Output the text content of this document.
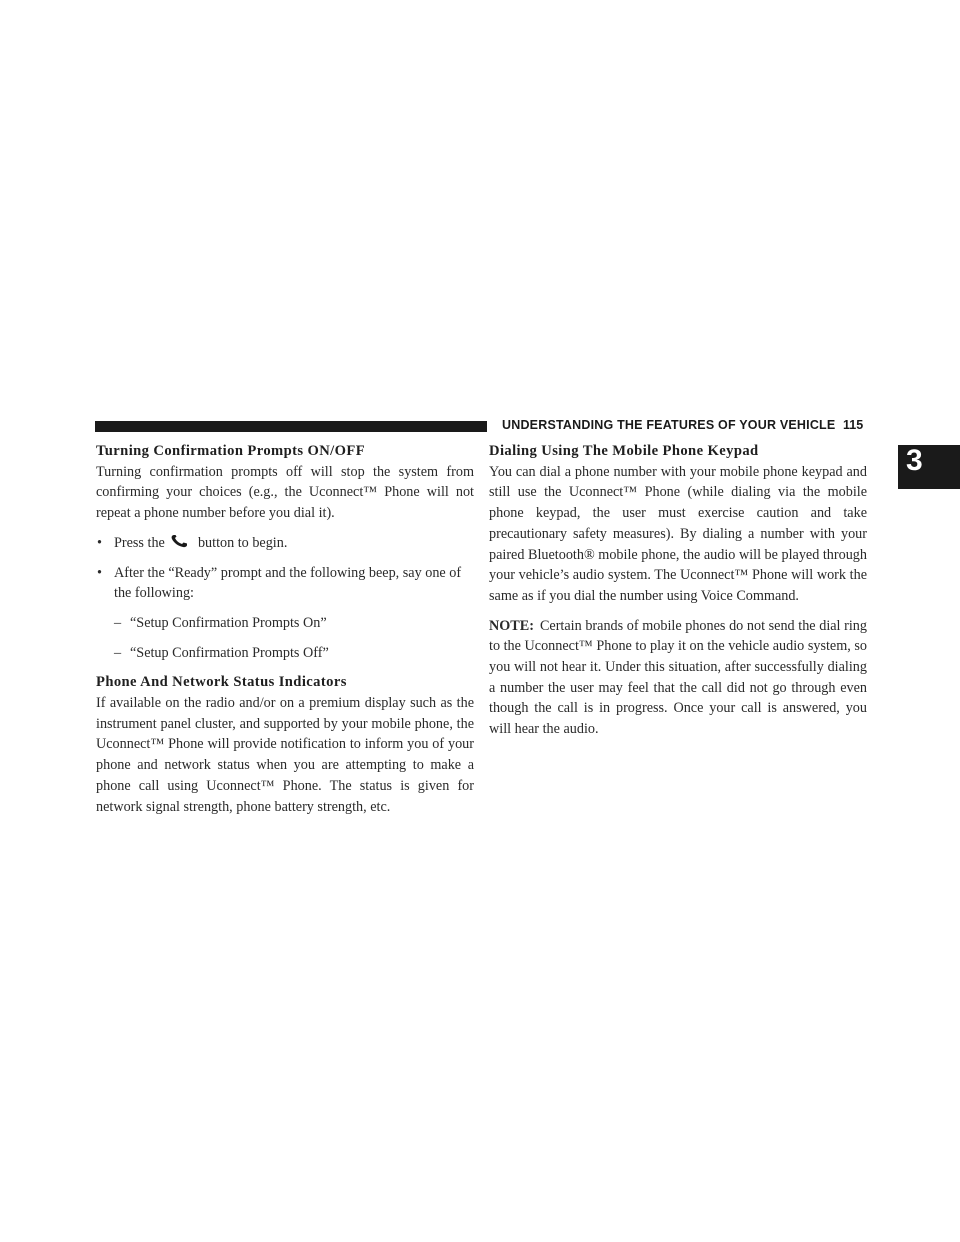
UNDERSTANDING THE FEATURES OF YOUR VEHICLE 115
3
Turning Confirmation Prompts ON/OFF

Turning confirmation prompts off will stop the system from confirming your choices (e.g., the Uconnect™ Phone will not repeat a phone number before you dial it).

• Press the button to begin.
• After the “Ready” prompt and the following beep, say one of the following:
– “Setup Confirmation Prompts On”
– “Setup Confirmation Prompts Off”
Phone And Network Status Indicators

If available on the radio and/or on a premium display such as the instrument panel cluster, and supported by your mobile phone, the Uconnect™ Phone will provide notification to inform you of your phone and network status when you are attempting to make a phone call using Uconnect™ Phone. The status is given for network signal strength, phone battery strength, etc.

Dialing Using The Mobile Phone Keypad

You can dial a phone number with your mobile phone keypad and still use the Uconnect™ Phone (while dialing via the mobile phone keypad, the user must exercise caution and take precautionary safety measures). By dialing a number with your paired Bluetooth® mobile phone, the audio will be played through your vehicle’s audio system. The Uconnect™ Phone will work the same as if you dial the number using Voice Command.

NOTE: Certain brands of mobile phones do not send the dial ring to the Uconnect™ Phone to play it on the vehicle audio system, so you will not hear it. Under this situation, after successfully dialing a number the user may feel that the call did not go through even though the call is in progress. Once your call is answered, you will hear the audio.
